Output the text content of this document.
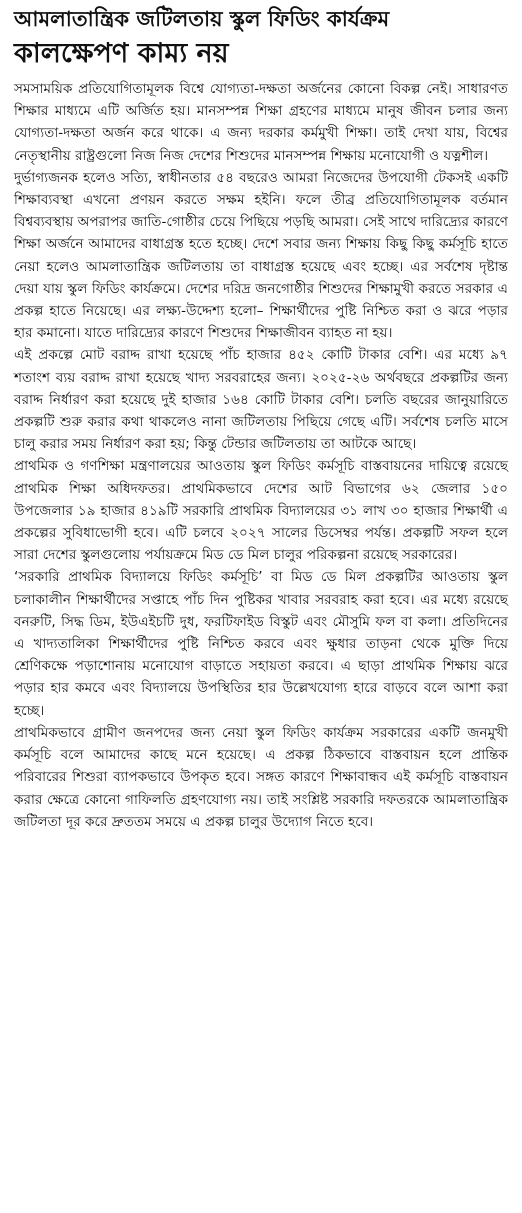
আমলাতান্ত্রিক জটিলতায় স্কুল ফিডিং কার্যক্রম
কালক্ষেপণ কাম্য নয়

সমসাময়িক প্রতিযোগিতামূলক বিশ্বে যোগ্যতা-দক্ষতা অর্জনের কোনো বিকল্প নেই। সাধারণত শিক্ষার মাধ্যমে এটি অর্জিত হয়। মানসম্পন্ন শিক্ষা গ্রহণের মাধ্যমে মানুষ জীবন চলার জন্য যোগ্যতা-দক্ষতা অর্জন করে থাকে। এ জন্য দরকার কর্মমুখী শিক্ষা। তাই দেখা যায়, বিশ্বের নেতৃস্থানীয় রাষ্ট্রগুলো নিজ নিজ দেশের শিশুদের মানসম্পন্ন শিক্ষায় মনোযোগী ও যত্নশীল।

দুর্ভাগ্যজনক হলেও সত্যি, স্বাধীনতার ৫৪ বছরেও আমরা নিজেদের উপযোগী টেকসই একটি শিক্ষাব্যবস্থা এখনো প্রণয়ন করতে সক্ষম হইনি। ফলে তীব্র প্রতিযোগিতামূলক বর্তমান বিশ্বব্যবস্থায় অপরাপর জাতি-গোষ্ঠীর চেয়ে পিছিয়ে পড়ছি আমরা। সেই সাথে দারিদ্র্যের কারণে শিক্ষা অর্জনে আমাদের বাধাগ্রস্ত হতে হচ্ছে। দেশে সবার জন্য শিক্ষায় কিছু কিছু কর্মসূচি হাতে নেয়া হলেও আমলাতান্ত্রিক জটিলতায় তা বাধাগ্রস্ত হয়েছে এবং হচ্ছে। এর সর্বশেষ দৃষ্টান্ত দেয়া যায় স্কুল ফিডিং কার্যক্রমে। দেশের দরিদ্র জনগোষ্ঠীর শিশুদের শিক্ষামুখী করতে সরকার এ প্রকল্প হাতে নিয়েছে। এর লক্ষ্য-উদ্দেশ্য হলো– শিক্ষার্থীদের পুষ্টি নিশ্চিত করা ও ঝরে পড়ার হার কমানো। যাতে দারিদ্র্যের কারণে শিশুদের শিক্ষাজীবন ব্যাহত না হয়।

এই প্রকল্পে মোট বরাদ্দ রাখা হয়েছে পাঁচ হাজার ৪৫২ কোটি টাকার বেশি। এর মধ্যে ৯৭ শতাংশ ব্যয় বরাদ্দ রাখা হয়েছে খাদ্য সরবরাহের জন্য। ২০২৫-২৬ অর্থবছরে প্রকল্পটির জন্য বরাদ্দ নির্ধারণ করা হয়েছে দুই হাজার ১৬৪ কোটি টাকার বেশি। চলতি বছরের জানুয়ারিতে প্রকল্পটি শুরু করার কথা থাকলেও নানা জটিলতায় পিছিয়ে গেছে এটি। সর্বশেষ চলতি মাসে চালু করার সময় নির্ধারণ করা হয়; কিন্তু টেন্ডার জটিলতায় তা আটকে আছে।

প্রাথমিক ও গণশিক্ষা মন্ত্রণালয়ের আওতায় স্কুল ফিডিং কর্মসূচি বাস্তবায়নের দায়িত্বে রয়েছে প্রাথমিক শিক্ষা অধিদফতর। প্রাথমিকভাবে দেশের আট বিভাগের ৬২ জেলার ১৫০ উপজেলার ১৯ হাজার ৪১৯টি সরকারি প্রাথমিক বিদ্যালয়ের ৩১ লাখ ৩০ হাজার শিক্ষার্থী এ প্রকল্পের সুবিধাভোগী হবে। এটি চলবে ২০২৭ সালের ডিসেম্বর পর্যন্ত। প্রকল্পটি সফল হলে সারা দেশের স্কুলগুলোয় পর্যায়ক্রমে মিড ডে মিল চালুর পরিকল্পনা রয়েছে সরকারের।

‘সরকারি প্রাথমিক বিদ্যালয়ে ফিডিং কর্মসূচি’ বা মিড ডে মিল প্রকল্পটির আওতায় স্কুল চলাকালীন শিক্ষার্থীদের সপ্তাহে পাঁচ দিন পুষ্টিকর খাবার সরবরাহ করা হবে। এর মধ্যে রয়েছে বনরুটি, সিদ্ধ ডিম, ইউএইচটি দুধ, ফরটিফাইড বিস্কুট এবং মৌসুমি ফল বা কলা। প্রতিদিনের এ খাদ্যতালিকা শিক্ষার্থীদের পুষ্টি নিশ্চিত করবে এবং ক্ষুধার তাড়না থেকে মুক্তি দিয়ে শ্রেণিকক্ষে পড়াশোনায় মনোযোগ বাড়াতে সহায়তা করবে। এ ছাড়া প্রাথমিক শিক্ষায় ঝরে পড়ার হার কমবে এবং বিদ্যালয়ে উপস্থিতির হার উল্লেখযোগ্য হারে বাড়বে বলে আশা করা হচ্ছে।

প্রাথমিকভাবে গ্রামীণ জনপদের জন্য নেয়া স্কুল ফিডিং কার্যক্রম সরকারের একটি জনমুখী কর্মসূচি বলে আমাদের কাছে মনে হয়েছে। এ প্রকল্প ঠিকভাবে বাস্তবায়ন হলে প্রান্তিক পরিবারের শিশুরা ব্যাপকভাবে উপকৃত হবে। সঙ্গত কারণে শিক্ষাবান্ধব এই কর্মসূচি বাস্তবায়ন করার ক্ষেত্রে কোনো গাফিলতি গ্রহণযোগ্য নয়। তাই সংশ্লিষ্ট সরকারি দফতরকে আমলাতান্ত্রিক জটিলতা দূর করে দ্রুততম সময়ে এ প্রকল্প চালুর উদ্যোগ নিতে হবে।
